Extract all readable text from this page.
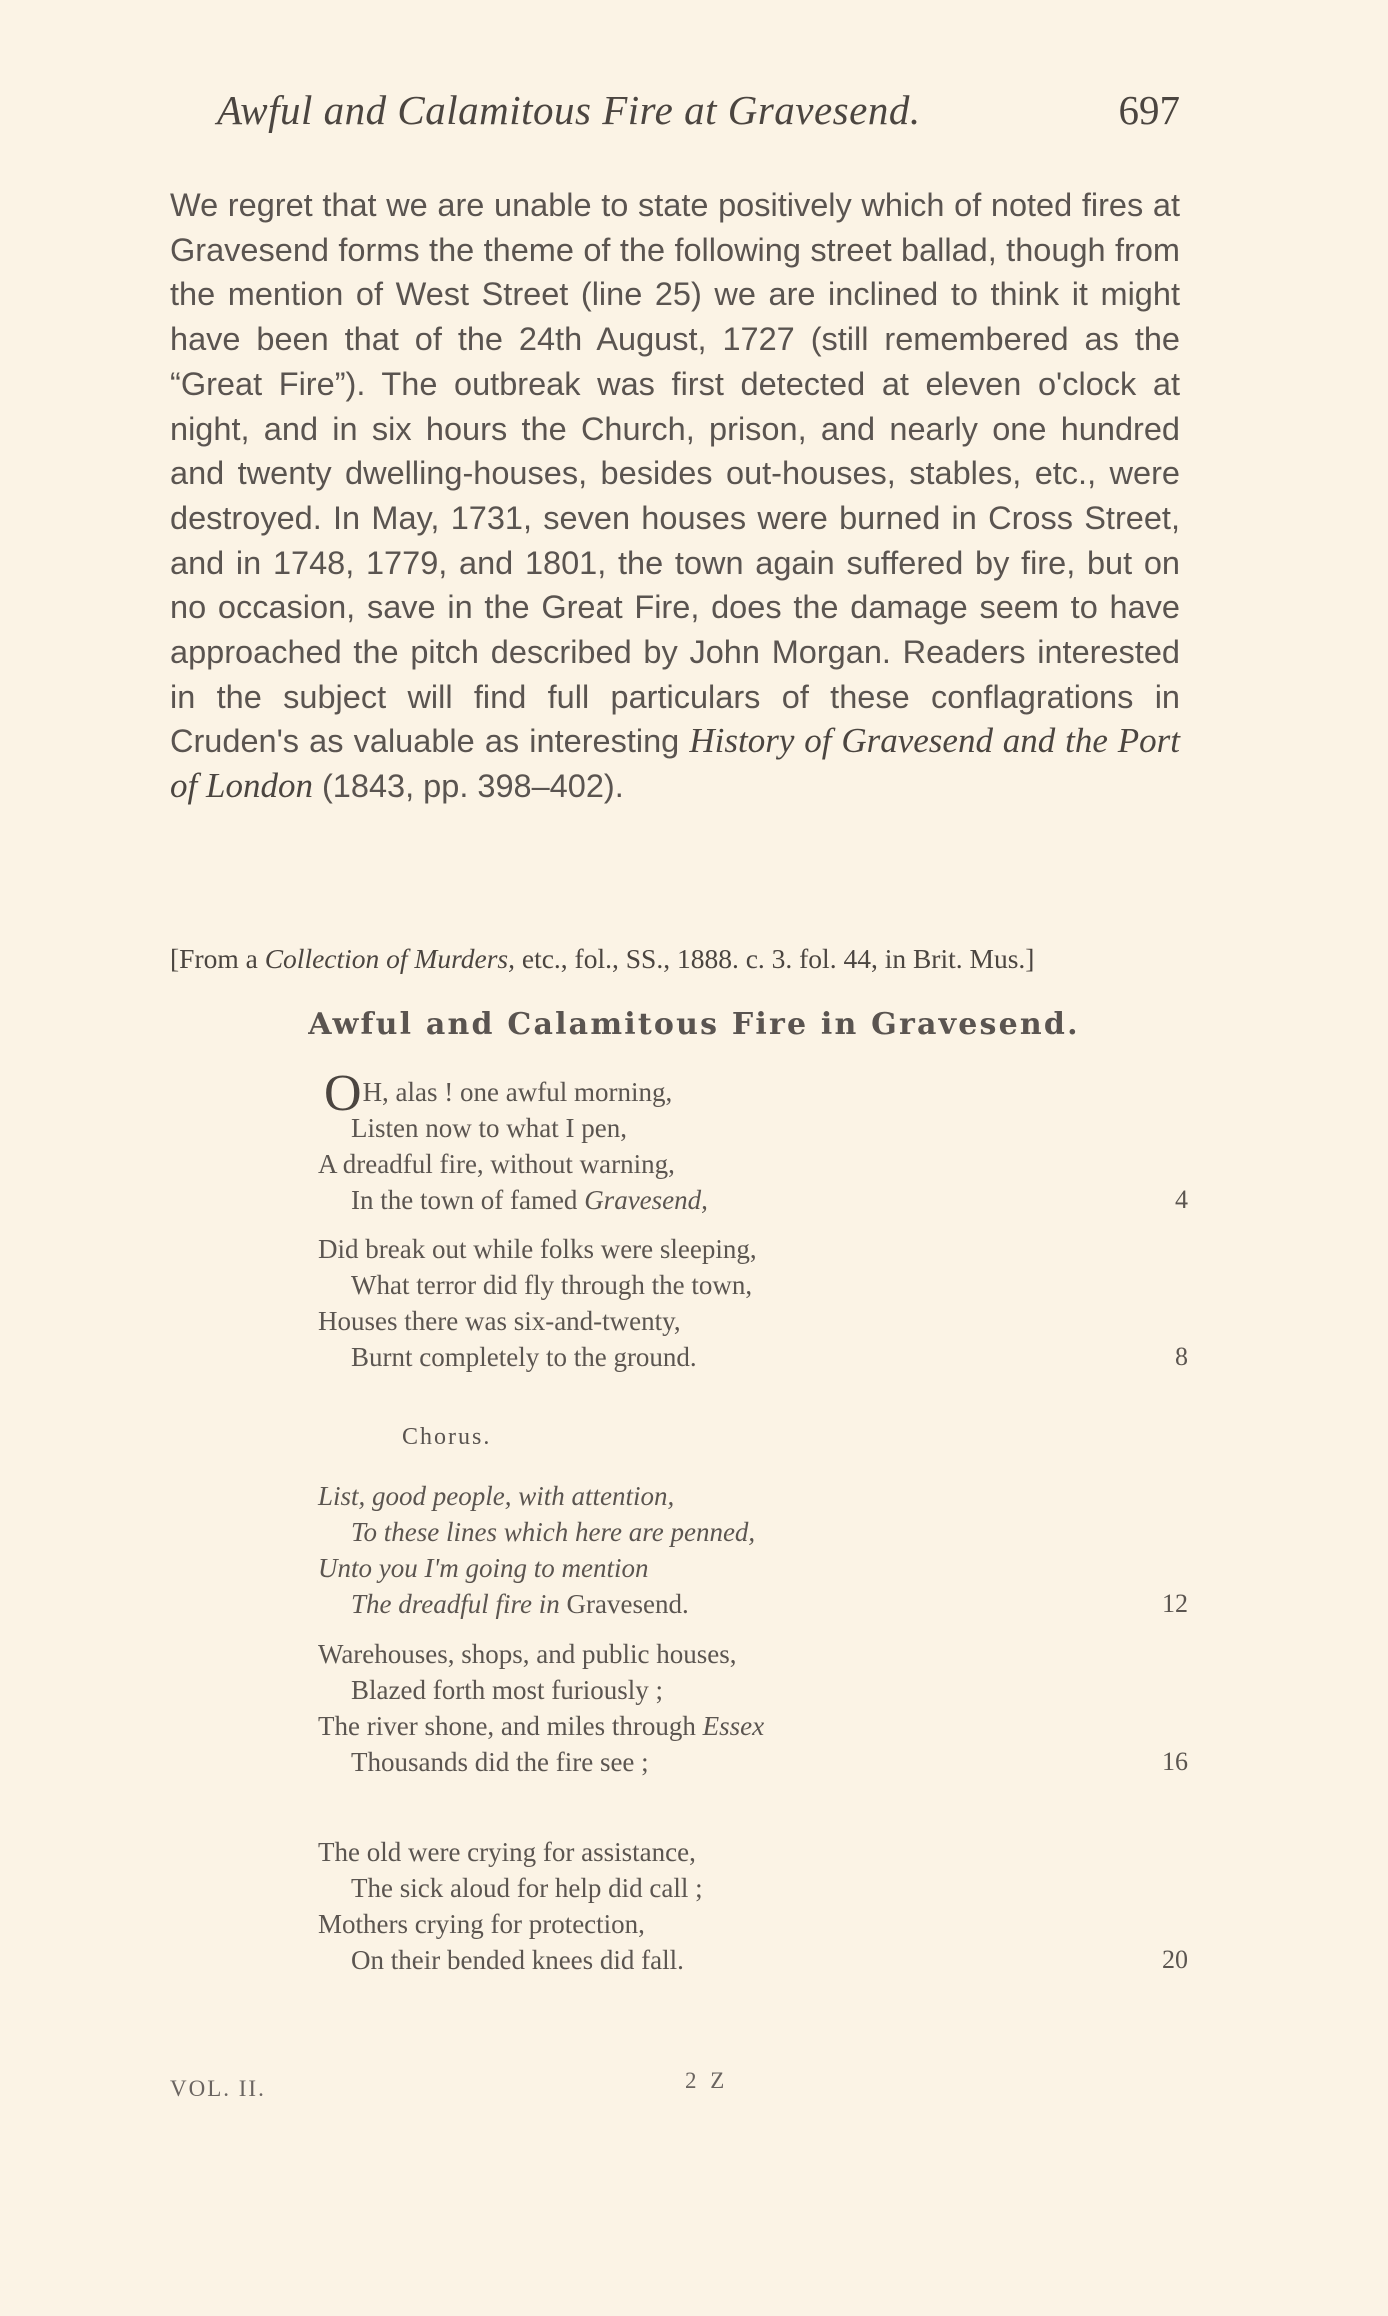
Awful and Calamitous Fire at Gravesend.	697

We regret that we are unable to state positively which of noted fires at Gravesend forms the theme of the following street ballad, though from the mention of West Street (line 25) we are inclined to think it might have been that of the 24th August, 1727 (still remembered as the “Great Fire”). The outbreak was first detected at eleven o'clock at night, and in six hours the Church, prison, and nearly one hundred and twenty dwelling-houses, besides out-houses, stables, etc., were destroyed. In May, 1731, seven houses were burned in Cross Street, and in 1748, 1779, and 1801, the town again suffered by fire, but on no occasion, save in the Great Fire, does the damage seem to have approached the pitch described by John Morgan. Readers interested in the subject will find full particulars of these conflagrations in Cruden's as valuable as interesting History of Gravesend and the Port of London (1843, pp. 398–402).

[From a Collection of Murders, etc., fol., SS., 1888. c. 3. fol. 44, in Brit. Mus.]

Awful and Calamitous Fire in Gravesend.
OH, alas ! one awful morning,
Listen now to what I pen,
A dreadful fire, without warning,
In the town of famed Gravesend,	4
Did break out while folks were sleeping,
What terror did fly through the town,
Houses there was six-and-twenty,
Burnt completely to the ground.	8
Chorus.
List, good people, with attention,
To these lines which here are penned,
Unto you I'm going to mention
The dreadful fire in Gravesend.	12
Warehouses, shops, and public houses,
Blazed forth most furiously ;
The river shone, and miles through Essex
Thousands did the fire see ;	16
The old were crying for assistance,
The sick aloud for help did call ;
Mothers crying for protection,
On their bended knees did fall.	20
VOL. II.	2 Z
